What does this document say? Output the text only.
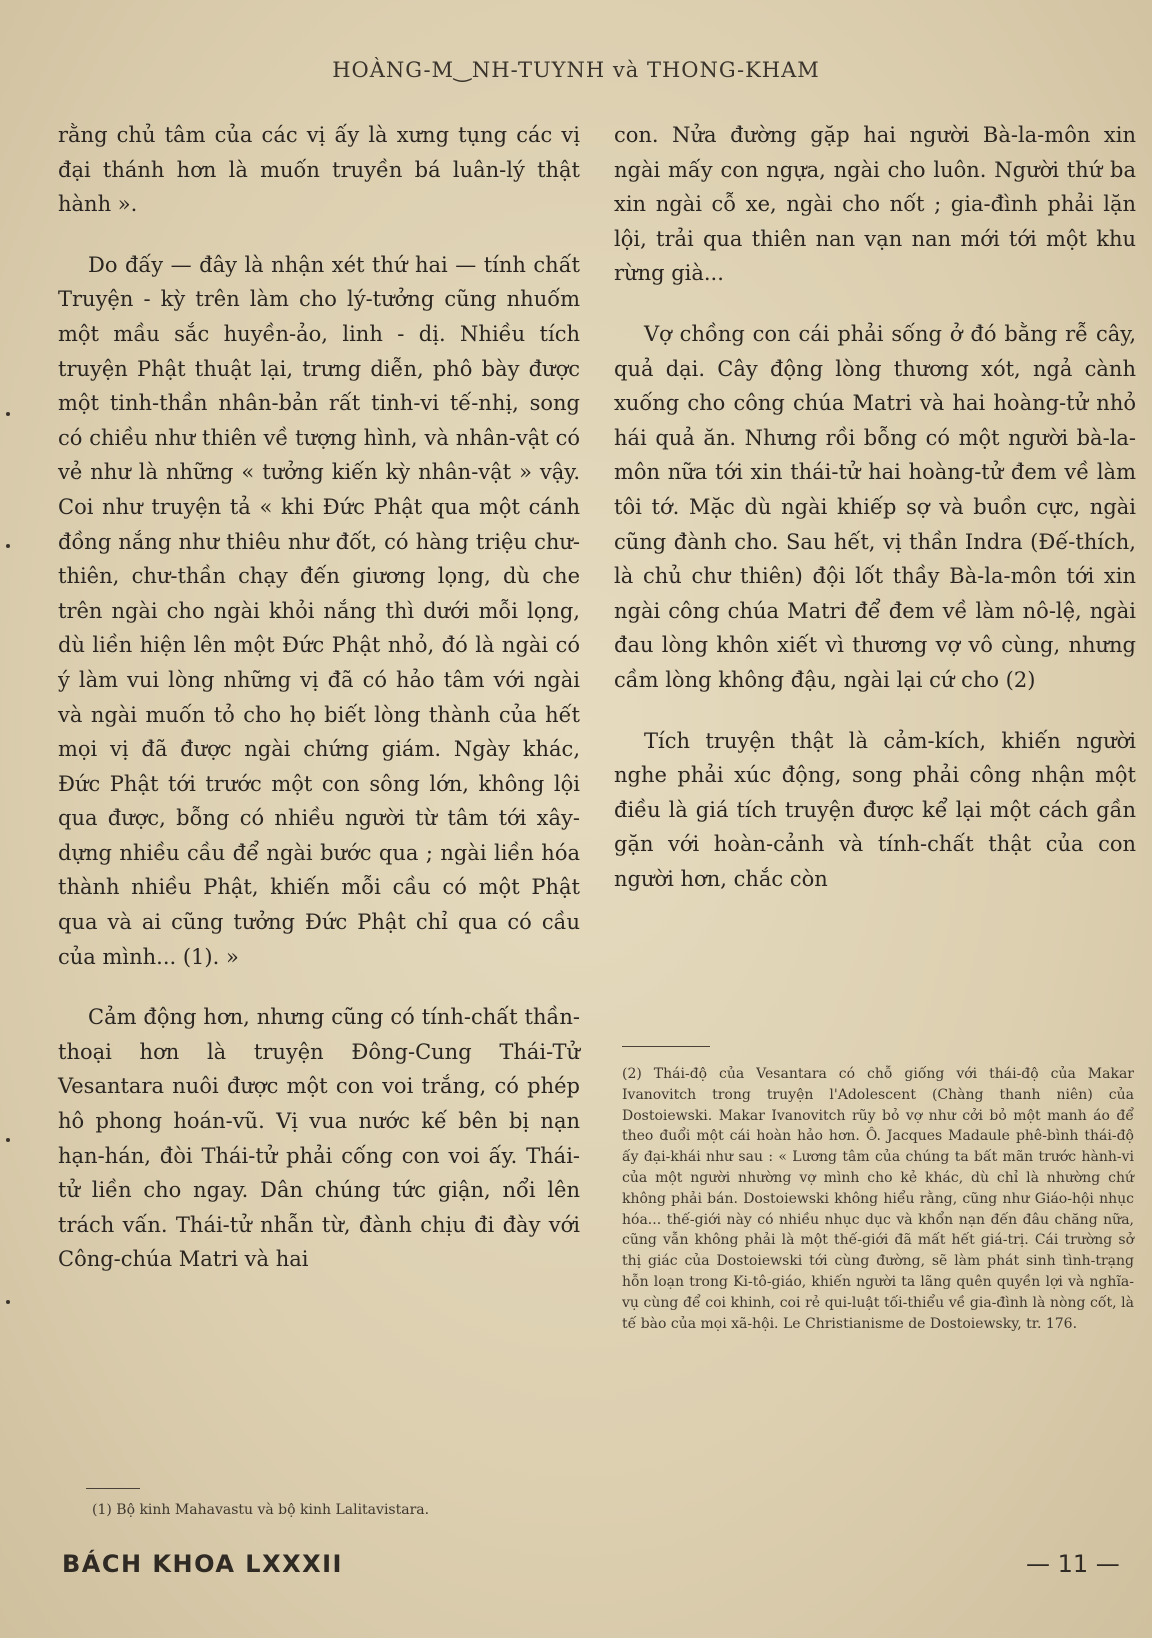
HOÀNG-M‿NH-TUYNH và THONG-KHAM

rằng chủ tâm của các vị ấy là xưng tụng các vị đại thánh hơn là muốn truyền bá luân-lý thật hành ».

Do đấy — đây là nhận xét thứ hai — tính chất Truyện - kỳ trên làm cho lý-tưởng cũng nhuốm một mầu sắc huyền-ảo, linh - dị. Nhiều tích truyện Phật thuật lại, trưng diễn, phô bày được một tinh-thần nhân-bản rất tinh-vi tế-nhị, song có chiều như thiên về tượng hình, và nhân-vật có vẻ như là những « tưởng kiến kỳ nhân-vật » vậy. Coi như truyện tả « khi Đức Phật qua một cánh đồng nắng như thiêu như đốt, có hàng triệu chư-thiên, chư-thần chạy đến giương lọng, dù che trên ngài cho ngài khỏi nắng thì dưới mỗi lọng, dù liền hiện lên một Đức Phật nhỏ, đó là ngài có ý làm vui lòng những vị đã có hảo tâm với ngài và ngài muốn tỏ cho họ biết lòng thành của hết mọi vị đã được ngài chứng giám. Ngày khác, Đức Phật tới trước một con sông lớn, không lội qua được, bỗng có nhiều người từ tâm tới xây-dựng nhiều cầu để ngài bước qua ; ngài liền hóa thành nhiều Phật, khiến mỗi cầu có một Phật qua và ai cũng tưởng Đức Phật chỉ qua có cầu của mình... (1). »

Cảm động hơn, nhưng cũng có tính-chất thần-thoại hơn là truyện Đông-Cung Thái-Tử Vesantara nuôi được một con voi trắng, có phép hô phong hoán-vũ. Vị vua nước kế bên bị nạn hạn-hán, đòi Thái-tử phải cống con voi ấy. Thái-tử liền cho ngay. Dân chúng tức giận, nổi lên trách vấn. Thái-tử nhẫn từ, đành chịu đi đày với Công-chúa Matri và hai

con. Nửa đường gặp hai người Bà-la-môn xin ngài mấy con ngựa, ngài cho luôn. Người thứ ba xin ngài cỗ xe, ngài cho nốt ; gia-đình phải lặn lội, trải qua thiên nan vạn nan mới tới một khu rừng già...

Vợ chồng con cái phải sống ở đó bằng rễ cây, quả dại. Cây động lòng thương xót, ngả cành xuống cho công chúa Matri và hai hoàng-tử nhỏ hái quả ăn. Nhưng rồi bỗng có một người bà-la-môn nữa tới xin thái-tử hai hoàng-tử đem về làm tôi tớ. Mặc dù ngài khiếp sợ và buồn cực, ngài cũng đành cho. Sau hết, vị thần Indra (Đế-thích, là chủ chư thiên) đội lốt thầy Bà-la-môn tới xin ngài công chúa Matri để đem về làm nô-lệ, ngài đau lòng khôn xiết vì thương vợ vô cùng, nhưng cầm lòng không đậu, ngài lại cứ cho (2)

Tích truyện thật là cảm-kích, khiến người nghe phải xúc động, song phải công nhận một điều là giá tích truyện được kể lại một cách gần gặn với hoàn-cảnh và tính-chất thật của con người hơn, chắc còn

(1) Bộ kinh Mahavastu và bộ kinh Lalitavistara.
(2) Thái-độ của Vesantara có chỗ giống với thái-độ của Makar Ivanovitch trong truyện l'Adolescent (Chàng thanh niên) của Dostoiewski. Makar Ivanovitch rũy bỏ vợ như cởi bỏ một manh áo để theo đuổi một cái hoàn hảo hơn. Ô. Jacques Madaule phê-bình thái-độ ấy đại-khái như sau : « Lương tâm của chúng ta bất mãn trước hành-vi của một người nhường vợ mình cho kẻ khác, dù chỉ là nhường chứ không phải bán. Dostoiewski không hiểu rằng, cũng như Giáo-hội nhục hóa... thế-giới này có nhiều nhục dục và khổn nạn đến đâu chăng nữa, cũng vẫn không phải là một thế-giới đã mất hết giá-trị. Cái trường sở thị giác của Dostoiewski tới cùng đường, sẽ làm phát sinh tình-trạng hỗn loạn trong Ki-tô-giáo, khiến người ta lãng quên quyền lợi và nghĩa-vụ cùng để coi khinh, coi rẻ qui-luật tối-thiểu về gia-đình là nòng cốt, là tế bào của mọi xã-hội. Le Christianisme de Dostoiewsky, tr. 176.
BÁCH KHOA LXXXII	— 11 —
